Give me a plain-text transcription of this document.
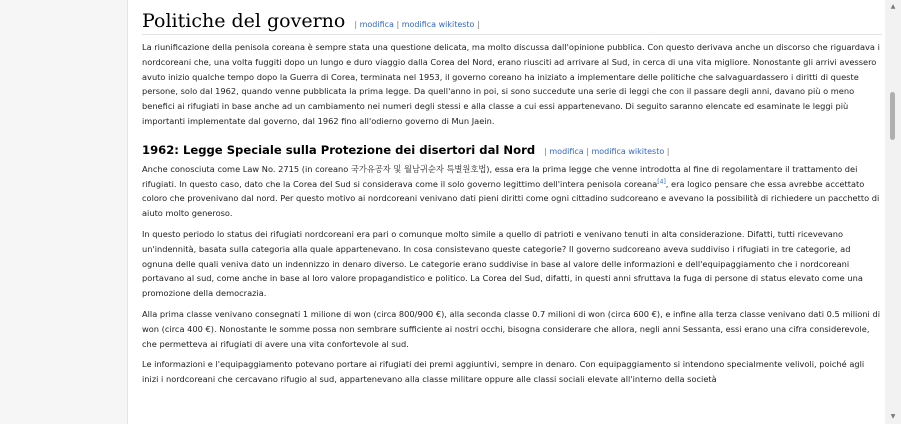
Politiche del governo | modifica | modifica wikitesto |

La riunificazione della penisola coreana è sempre stata una questione delicata, ma molto discussa dall'opinione pubblica. Con questo derivava anche un discorso che riguardava i nordcoreani che, una volta fuggiti dopo un lungo e duro viaggio dalla Corea del Nord, erano riusciti ad arrivare al Sud, in cerca di una vita migliore. Nonostante gli arrivi avessero avuto inizio qualche tempo dopo la Guerra di Corea, terminata nel 1953, il governo coreano ha iniziato a implementare delle politiche che salvaguardassero i diritti di queste persone, solo dal 1962, quando venne pubblicata la prima legge. Da quell'anno in poi, si sono succedute una serie di leggi che con il passare degli anni, davano più o meno benefici ai rifugiati in base anche ad un cambiamento nei numeri degli stessi e alla classe a cui essi appartenevano. Di seguito saranno elencate ed esaminate le leggi più importanti implementate dal governo, dal 1962 fino all'odierno governo di Mun Jaein.

1962: Legge Speciale sulla Protezione dei disertori dal Nord | modifica | modifica wikitesto |

Anche conosciuta come Law No. 2715 (in coreano 국가유공자 및 월남귀순자 특별원호법), essa era la prima legge che venne introdotta al fine di regolamentare il trattamento dei rifugiati. In questo caso, dato che la Corea del Sud si considerava come il solo governo legittimo dell'intera penisola coreana[4], era logico pensare che essa avrebbe accettato coloro che provenivano dal nord. Per questo motivo ai nordcoreani venivano dati pieni diritti come ogni cittadino sudcoreano e avevano la possibilità di richiedere un pacchetto di aiuto molto generoso.

In questo periodo lo status dei rifugiati nordcoreani era pari o comunque molto simile a quello di patrioti e venivano tenuti in alta considerazione. Difatti, tutti ricevevano un'indennità, basata sulla categoria alla quale appartenevano. In cosa consistevano queste categorie? Il governo sudcoreano aveva suddiviso i rifugiati in tre categorie, ad ognuna delle quali veniva dato un indennizzo in denaro diverso. Le categorie erano suddivise in base al valore delle informazioni e dell'equipaggiamento che i nordcoreani portavano al sud, come anche in base al loro valore propagandistico e politico. La Corea del Sud, difatti, in questi anni sfruttava la fuga di persone di status elevato come una promozione della democrazia.

Alla prima classe venivano consegnati 1 milione di won (circa 800/900 €), alla seconda classe 0.7 milioni di won (circa 600 €), e infine alla terza classe venivano dati 0.5 milioni di won (circa 400 €). Nonostante le somme possa non sembrare sufficiente ai nostri occhi, bisogna considerare che allora, negli anni Sessanta, essi erano una cifra considerevole, che permetteva ai rifugiati di avere una vita confortevole al sud.

Le informazioni e l'equipaggiamento potevano portare ai rifugiati dei premi aggiuntivi, sempre in denaro. Con equipaggiamento si intendono specialmente velivoli, poiché agli inizi i nordcoreani che cercavano rifugio al sud, appartenevano alla classe militare oppure alle classi sociali elevate all'interno della società

▲
▼
